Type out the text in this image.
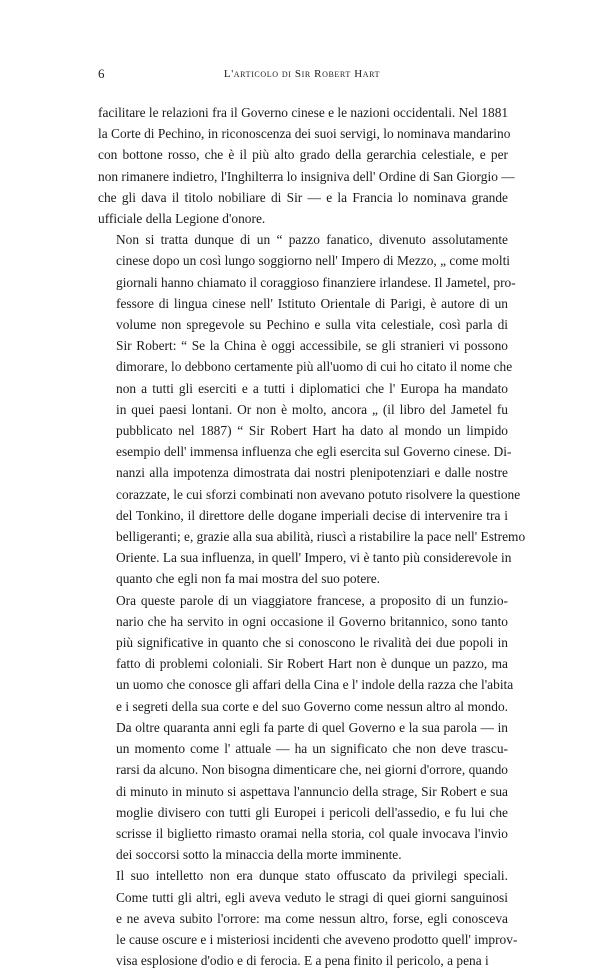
6	L'articolo di Sir Robert Hart

facilitare le relazioni fra il Governo cinese e le nazioni occidentali. Nel 1881
la Corte di Pechino, in riconoscenza dei suoi servigi, lo nominava mandarino
con bottone rosso, che è il più alto grado della gerarchia celestiale, e per
non rimanere indietro, l'Inghilterra lo insigniva dell' Ordine di San Giorgio —
che gli dava il titolo nobiliare di Sir — e la Francia lo nominava grande
ufficiale della Legione d'onore.

Non si tratta dunque di un “ pazzo fanatico, divenuto assolutamente
cinese dopo un così lungo soggiorno nell' Impero di Mezzo, „ come molti
giornali hanno chiamato il coraggioso finanziere irlandese. Il Jametel, pro-
fessore di lingua cinese nell' Istituto Orientale di Parigi, è autore di un
volume non spregevole su Pechino e sulla vita celestiale, così parla di
Sir Robert: “ Se la China è oggi accessibile, se gli stranieri vi possono
dimorare, lo debbono certamente più all'uomo di cui ho citato il nome che
non a tutti gli eserciti e a tutti i diplomatici che l' Europa ha mandato
in quei paesi lontani. Or non è molto, ancora „ (il libro del Jametel fu
pubblicato nel 1887) “ Sir Robert Hart ha dato al mondo un limpido
esempio dell' immensa influenza che egli esercita sul Governo cinese. Di-
nanzi alla impotenza dimostrata dai nostri plenipotenziari e dalle nostre
corazzate, le cui sforzi combinati non avevano potuto risolvere la questione
del Tonkino, il direttore delle dogane imperiali decise di intervenire tra i
belligeranti; e, grazie alla sua abilità, riuscì a ristabilire la pace nell' Estremo
Oriente. La sua influenza, in quell' Impero, vi è tanto più considerevole in
quanto che egli non fa mai mostra del suo potere.

Ora queste parole di un viaggiatore francese, a proposito di un funzio-
nario che ha servito in ogni occasione il Governo britannico, sono tanto
più significative in quanto che si conoscono le rivalità dei due popoli in
fatto di problemi coloniali. Sir Robert Hart non è dunque un pazzo, ma
un uomo che conosce gli affari della Cina e l' indole della razza che l'abita
e i segreti della sua corte e del suo Governo come nessun altro al mondo.
Da oltre quaranta anni egli fa parte di quel Governo e la sua parola — in
un momento come l' attuale — ha un significato che non deve trascu-
rarsi da alcuno. Non bisogna dimenticare che, nei giorni d'orrore, quando
di minuto in minuto si aspettava l'annuncio della strage, Sir Robert e sua
moglie divisero con tutti gli Europei i pericoli dell'assedio, e fu lui che
scrisse il biglietto rimasto oramai nella storia, col quale invocava l'invio
dei soccorsi sotto la minaccia della morte imminente.

Il suo intelletto non era dunque stato offuscato da privilegi speciali.
Come tutti gli altri, egli aveva veduto le stragi di quei giorni sanguinosi
e ne aveva subito l'orrore: ma come nessun altro, forse, egli conosceva
le cause oscure e i misteriosi incidenti che aveveno prodotto quell' improv-
visa esplosione d'odio e di ferocia. E a pena finito il pericolo, a pena i
